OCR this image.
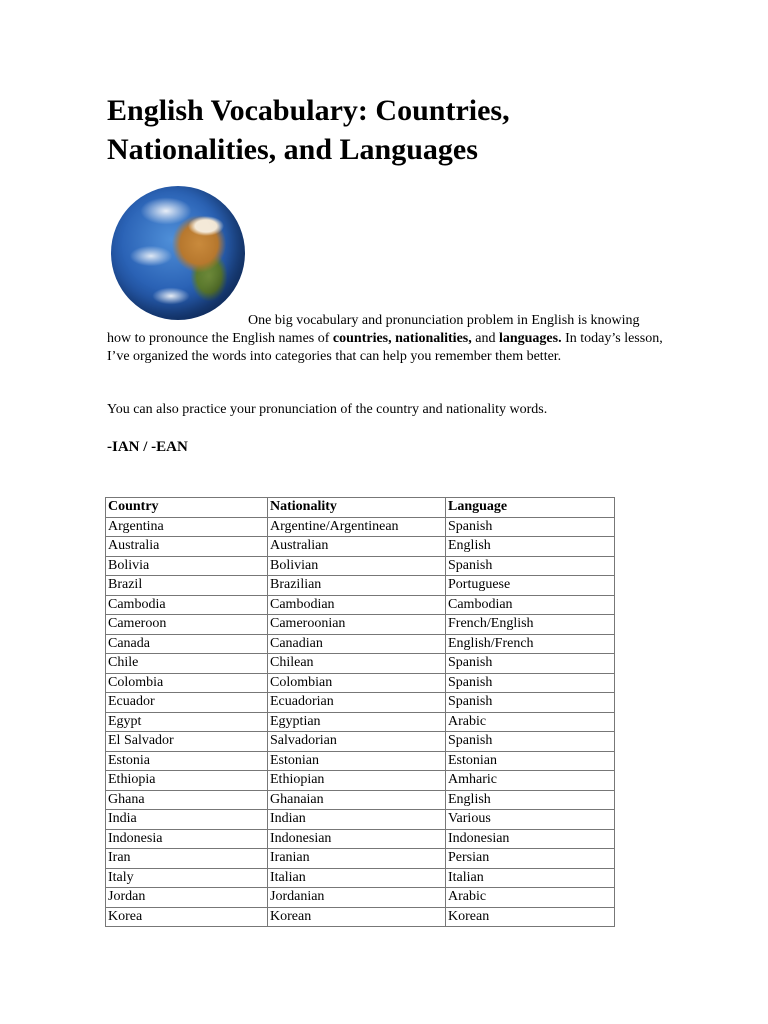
English Vocabulary: Countries, Nationalities, and Languages

One big vocabulary and pronunciation problem in English is knowing how to pronounce the English names of countries, nationalities, and languages. In today’s lesson, I’ve organized the words into categories that can help you remember them better.

You can also practice your pronunciation of the country and nationality words.

-IAN / -EAN
Country	Nationality	Language
Argentina	Argentine/Argentinean	Spanish
Australia	Australian	English
Bolivia	Bolivian	Spanish
Brazil	Brazilian	Portuguese
Cambodia	Cambodian	Cambodian
Cameroon	Cameroonian	French/English
Canada	Canadian	English/French
Chile	Chilean	Spanish
Colombia	Colombian	Spanish
Ecuador	Ecuadorian	Spanish
Egypt	Egyptian	Arabic
El Salvador	Salvadorian	Spanish
Estonia	Estonian	Estonian
Ethiopia	Ethiopian	Amharic
Ghana	Ghanaian	English
India	Indian	Various
Indonesia	Indonesian	Indonesian
Iran	Iranian	Persian
Italy	Italian	Italian
Jordan	Jordanian	Arabic
Korea	Korean	Korean
